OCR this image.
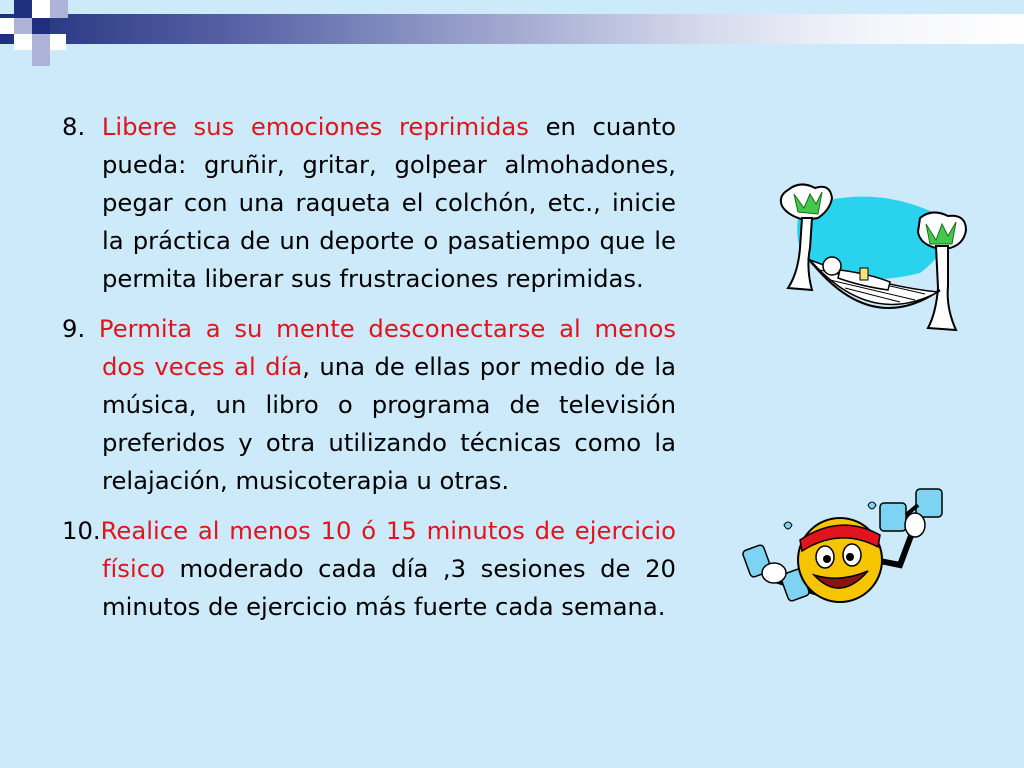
8. Libere sus emociones reprimidas en cuanto pueda: gruñir, gritar, golpear almohadones, pegar con una raqueta el colchón, etc., inicie la práctica de un deporte o pasatiempo que le permita liberar sus frustraciones reprimidas.
9. Permita a su mente desconectarse al menos dos veces al día, una de ellas por medio de la música, un libro o programa de televisión preferidos y otra utilizando técnicas como la relajación, musicoterapia u otras.
10.Realice al menos 10 ó 15 minutos de ejercicio físico moderado cada día ,3 sesiones de 20 minutos de ejercicio más fuerte cada semana.
